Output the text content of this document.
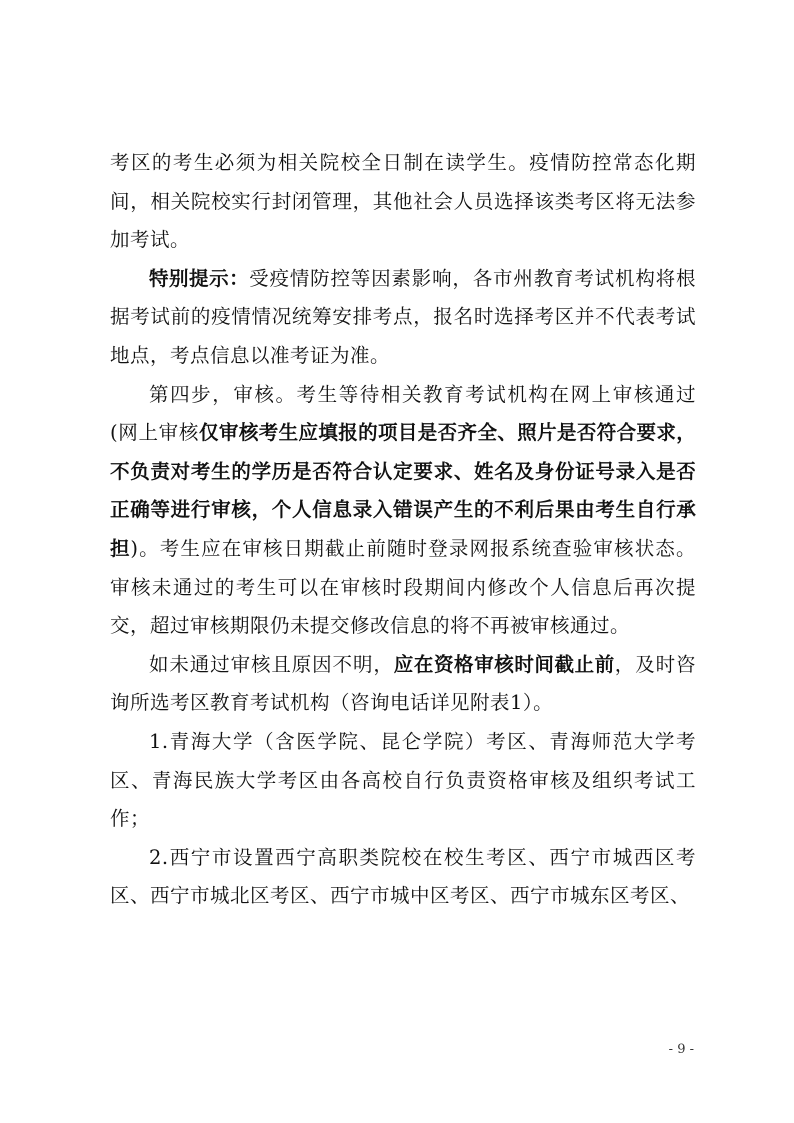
考区的考生必须为相关院校全日制在读学生。疫情防控常态化期间，相关院校实行封闭管理，其他社会人员选择该类考区将无法参加考试。

特别提示：受疫情防控等因素影响，各市州教育考试机构将根据考试前的疫情情况统筹安排考点，报名时选择考区并不代表考试地点，考点信息以准考证为准。

第四步，审核。考生等待相关教育考试机构在网上审核通过(网上审核仅审核考生应填报的项目是否齐全、照片是否符合要求，不负责对考生的学历是否符合认定要求、姓名及身份证号录入是否正确等进行审核，个人信息录入错误产生的不利后果由考生自行承担)。考生应在审核日期截止前随时登录网报系统查验审核状态。审核未通过的考生可以在审核时段期间内修改个人信息后再次提交，超过审核期限仍未提交修改信息的将不再被审核通过。

如未通过审核且原因不明，应在资格审核时间截止前，及时咨询所选考区教育考试机构（咨询电话详见附表1）。

1.青海大学（含医学院、昆仑学院）考区、青海师范大学考区、青海民族大学考区由各高校自行负责资格审核及组织考试工作；

2.西宁市设置西宁高职类院校在校生考区、西宁市城西区考区、西宁市城北区考区、西宁市城中区考区、西宁市城东区考区、

- 9 -
